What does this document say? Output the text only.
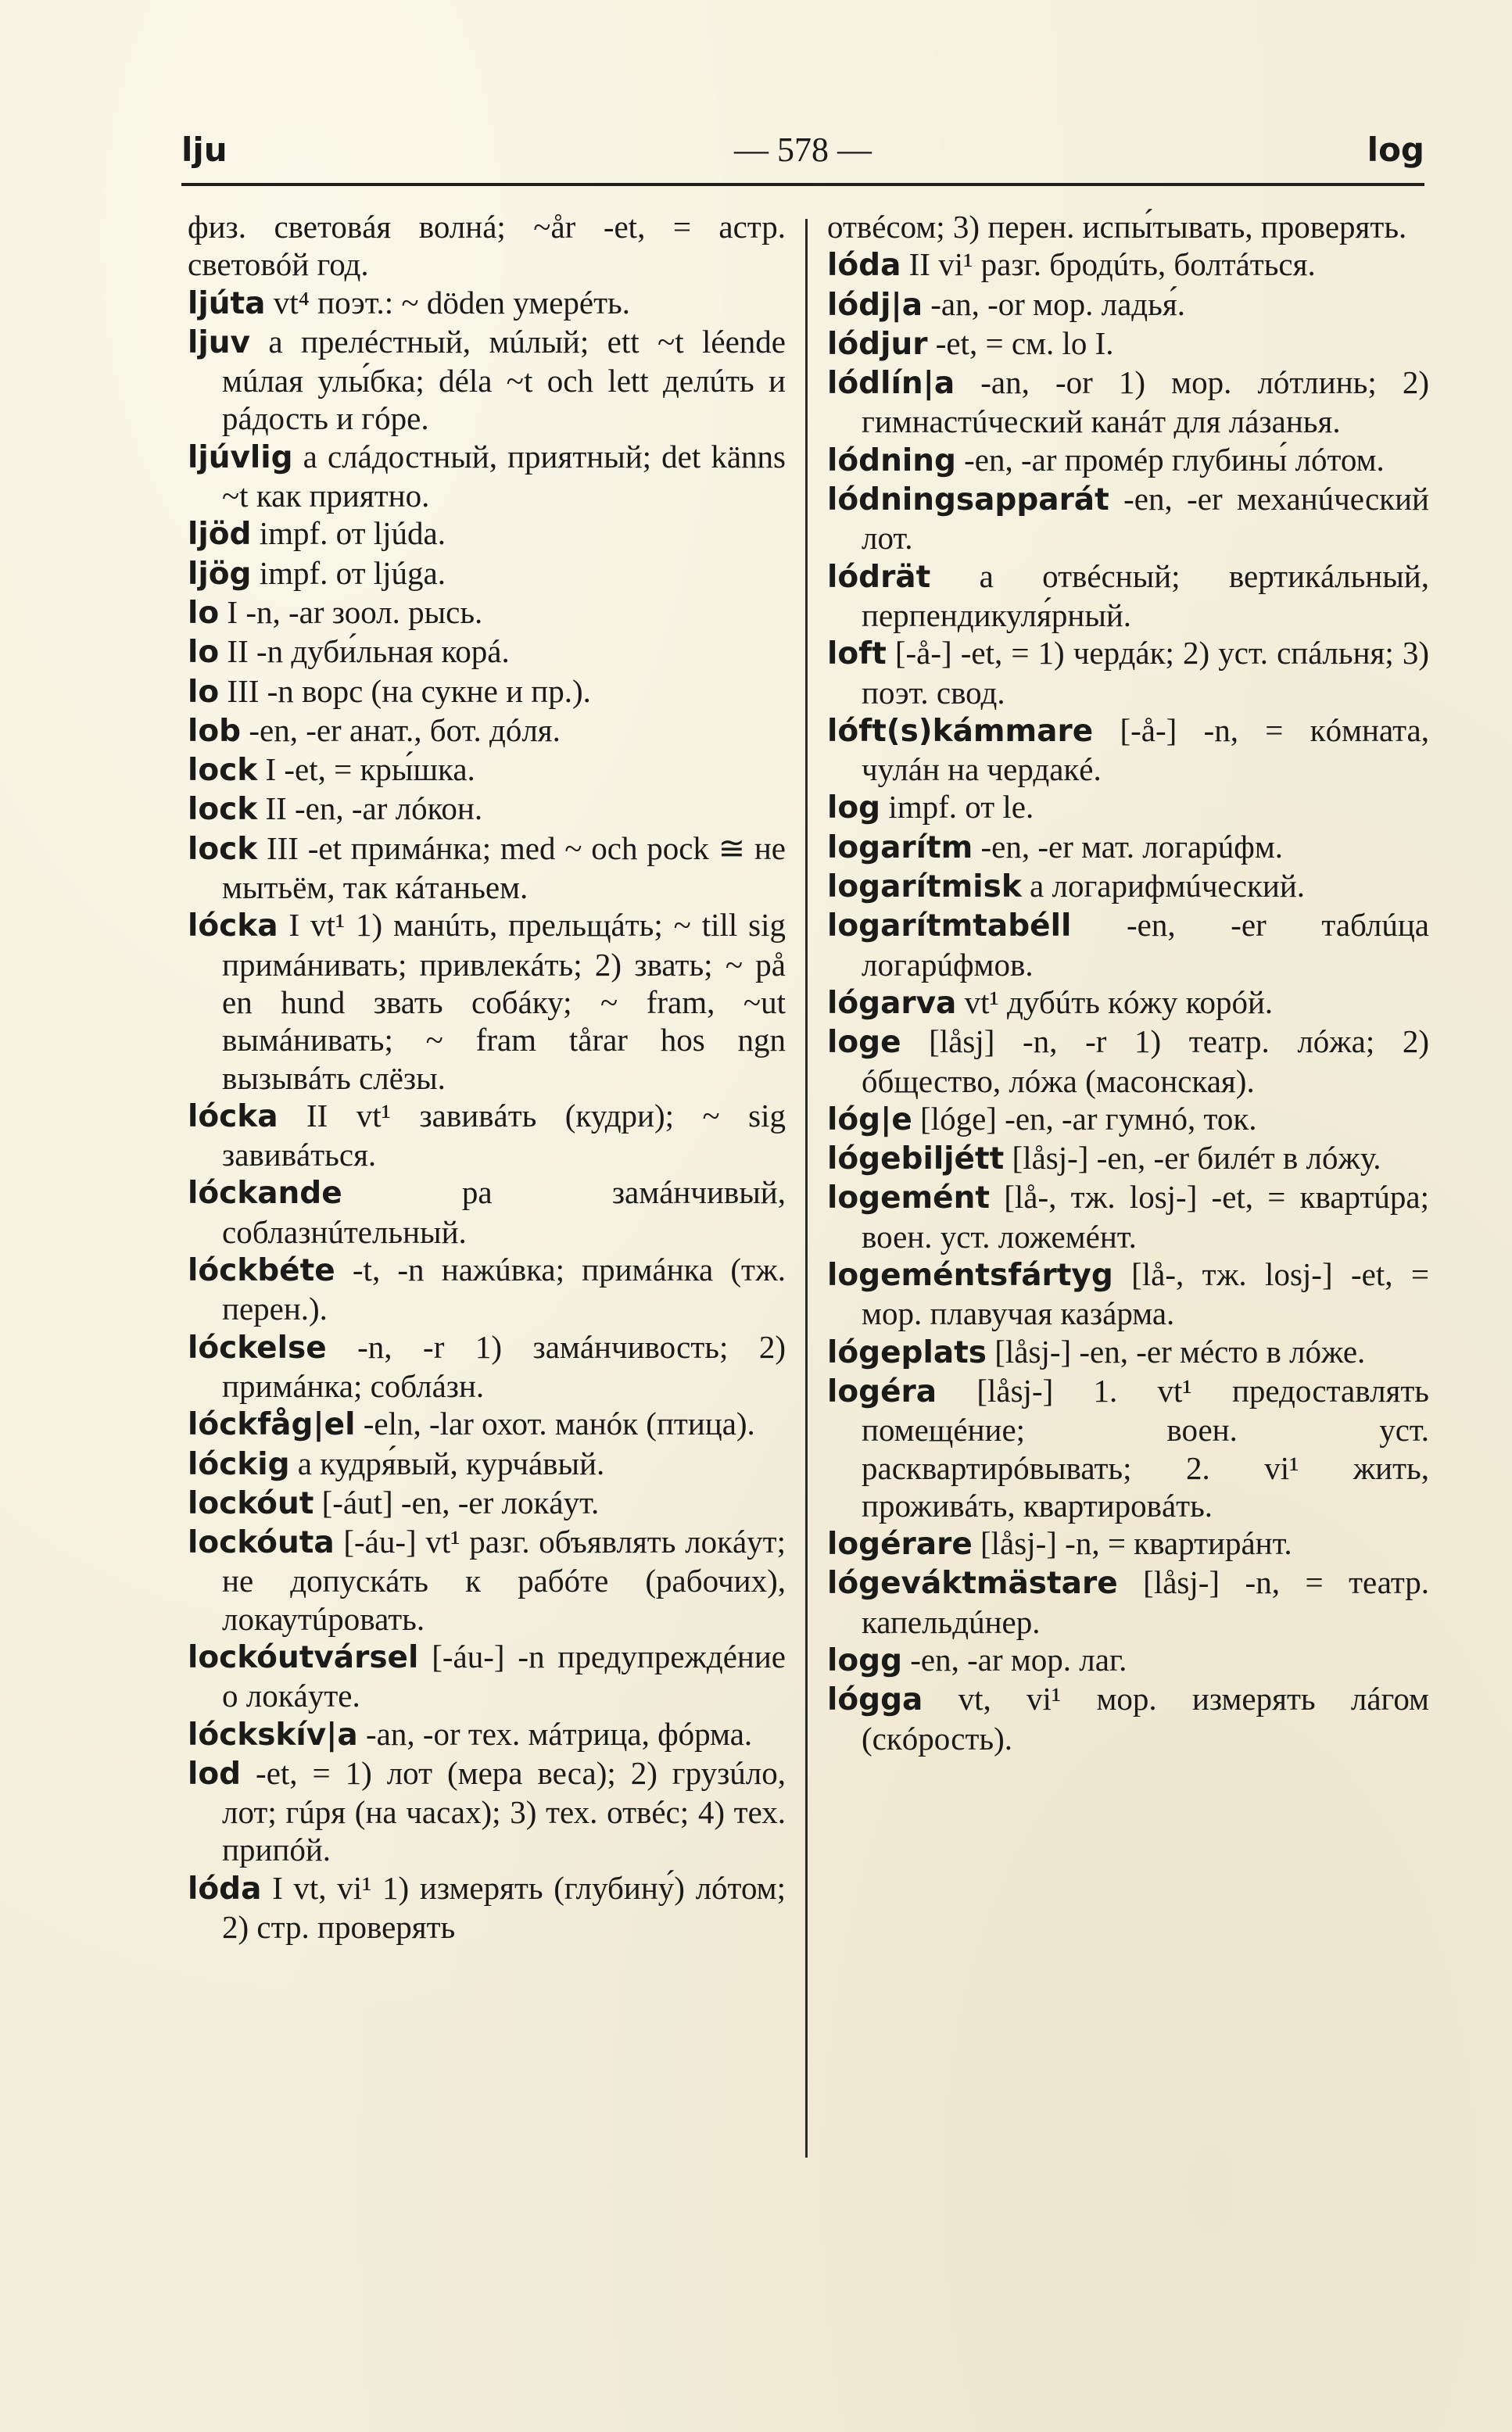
lju	— 578 —	log

физ. световáя волнá; ~år -et, = астр. световóй год.

ljúta vt⁴ поэт.: ~ döden умерéть.

ljuv a прелéстный, мúлый; ett ~t léende мúлая улы́бка; déla ~t och lett делúть и рáдость и гóре.

ljúvlig a слáдостный, приятный; det känns ~t как приятно.

ljöd impf. от ljúda.

ljög impf. от ljúga.

lo I -n, -ar зоол. рысь.

lo II -n дуби́льная корá.

lo III -n ворс (на сукне и пр.).

lob -en, -er анат., бот. дóля.

lock I -et, = кры́шка.

lock II -en, -ar лóкон.

lock III -et примáнка; med ~ och pock ≅ не мытьём, так кáтаньем.

lócka I vt¹ 1) манúть, прельщáть; ~ till sig примáнивать; привлекáть; 2) звать; ~ på en hund звать собáку; ~ fram, ~ut вымáнивать; ~ fram tårar hos ngn вызывáть слёзы.

lócka II vt¹ завивáть (кудри); ~ sig завивáться.

lóckande pa замáнчивый, соблазнúтельный.

lóckbéte -t, -n нажúвка; примáнка (тж. перен.).

lóckelse -n, -r 1) замáнчивость; 2) примáнка; соблáзн.

lóckfåg|el -eln, -lar охот. манóк (птица).

lóckig a кудря́вый, курчáвый.

lockóut [-áut] -en, -er локáут.

lockóuta [-áu-] vt¹ разг. объявлять локáут; не допускáть к рабóте (рабочих), локаутúровать.

lockóutvársel [-áu-] -n предупреждéние о локáуте.

lóckskív|a -an, -or тех. мáтрица, фóрма.

lod -et, = 1) лот (мера веса); 2) грузúло, лот; гúря (на часах); 3) тех. отвéс; 4) тех. припóй.

lóda I vt, vi¹ 1) измерять (глубину́) лóтом; 2) стр. проверять

отвéсом; 3) перен. испы́тывать, проверять.

lóda II vi¹ разг. бродúть, болтáться.

lódj|a -an, -or мор. ладья́.

lódjur -et, = см. lo I.

lódlín|a -an, -or 1) мор. лóтлинь; 2) гимнастúческий канáт для лáзанья.

lódning -en, -ar промéр глубины́ лóтом.

lódningsapparát -en, -er механúческий лот.

lódrät a отвéсный; вертикáльный, перпендикуля́рный.

loft [-å-] -et, = 1) чердáк; 2) уст. спáльня; 3) поэт. свод.

lóft(s)kámmare [-å-] -n, = кóмната, чулáн на чердакé.

log impf. от le.

logarítm -en, -er мат. логарúфм.

logarítmisk a логарифмúческий.

logarítmtabéll -en, -er таблúца логарúфмов.

lógarva vt¹ дубúть кóжу корóй.

loge [låsj] -n, -r 1) театр. лóжа; 2) óбщество, лóжа (масонская).

lóg|e [lóge] -en, -ar гумнó, ток.

lógebiljétt [låsj-] -en, -er билéт в лóжу.

logemént [lå-, тж. losj-] -et, = квартúра; воен. уст. ложемéнт.

logeméntsfártyg [lå-, тж. losj-] -et, = мор. плавучая казáрма.

lógeplats [låsj-] -en, -er мéсто в лóже.

logéra [låsj-] 1. vt¹ предоставлять помещéние; воен. уст. расквартирóвывать; 2. vi¹ жить, проживáть, квартировáть.

logérare [låsj-] -n, = квартирáнт.

lógeváktmästare [låsj-] -n, = театр. капельдúнер.

logg -en, -ar мор. лаг.

lógga vt, vi¹ мор. измерять лáгом (скóрость).
